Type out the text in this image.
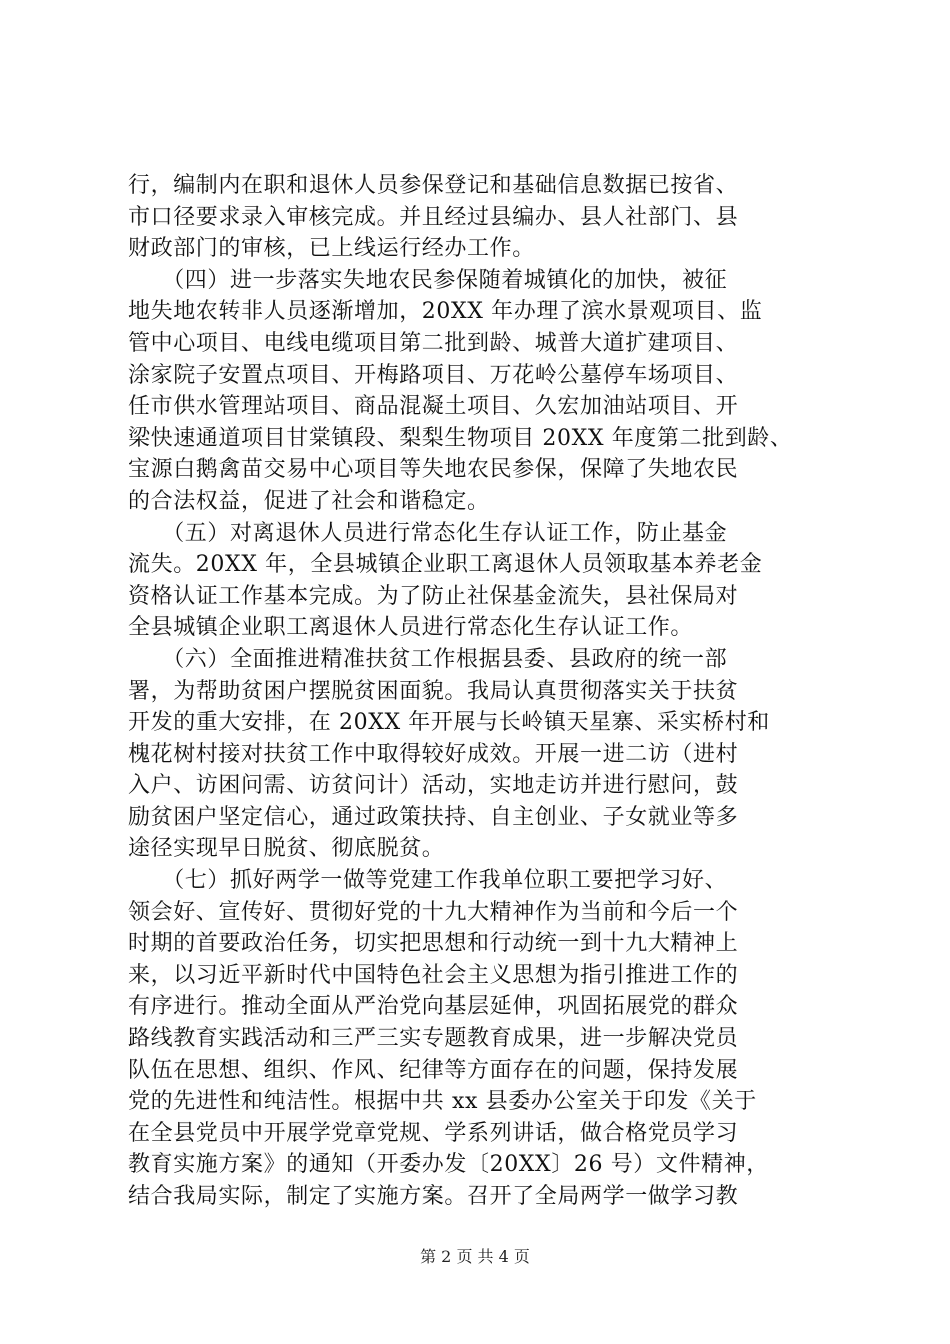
行，编制内在职和退休人员参保登记和基础信息数据已按省、
市口径要求录入审核完成。并且经过县编办、县人社部门、县
财政部门的审核，已上线运行经办工作。
　　（四）进一步落实失地农民参保随着城镇化的加快，被征
地失地农转非人员逐渐增加，20XX 年办理了滨水景观项目、监
管中心项目、电线电缆项目第二批到龄、城普大道扩建项目、
涂家院子安置点项目、开梅路项目、万花岭公墓停车场项目、
任市供水管理站项目、商品混凝土项目、久宏加油站项目、开
梁快速通道项目甘棠镇段、梨梨生物项目 20XX 年度第二批到龄、
宝源白鹅禽苗交易中心项目等失地农民参保，保障了失地农民
的合法权益，促进了社会和谐稳定。
　　（五）对离退休人员进行常态化生存认证工作，防止基金
流失。20XX 年，全县城镇企业职工离退休人员领取基本养老金
资格认证工作基本完成。为了防止社保基金流失，县社保局对
全县城镇企业职工离退休人员进行常态化生存认证工作。
　　（六）全面推进精准扶贫工作根据县委、县政府的统一部
署，为帮助贫困户摆脱贫困面貌。我局认真贯彻落实关于扶贫
开发的重大安排，在 20XX 年开展与长岭镇天星寨、采实桥村和
槐花树村接对扶贫工作中取得较好成效。开展一进二访（进村
入户、访困问需、访贫问计）活动，实地走访并进行慰问，鼓
励贫困户坚定信心，通过政策扶持、自主创业、子女就业等多
途径实现早日脱贫、彻底脱贫。
　　（七）抓好两学一做等党建工作我单位职工要把学习好、
领会好、宣传好、贯彻好党的十九大精神作为当前和今后一个
时期的首要政治任务，切实把思想和行动统一到十九大精神上
来，以习近平新时代中国特色社会主义思想为指引推进工作的
有序进行。推动全面从严治党向基层延伸，巩固拓展党的群众
路线教育实践活动和三严三实专题教育成果，进一步解决党员
队伍在思想、组织、作风、纪律等方面存在的问题，保持发展
党的先进性和纯洁性。根据中共 xx 县委办公室关于印发《关于
在全县党员中开展学党章党规、学系列讲话，做合格党员学习
教育实施方案》的通知（开委办发〔20XX〕26 号）文件精神，
结合我局实际，制定了实施方案。召开了全局两学一做学习教
第 2 页 共 4 页
